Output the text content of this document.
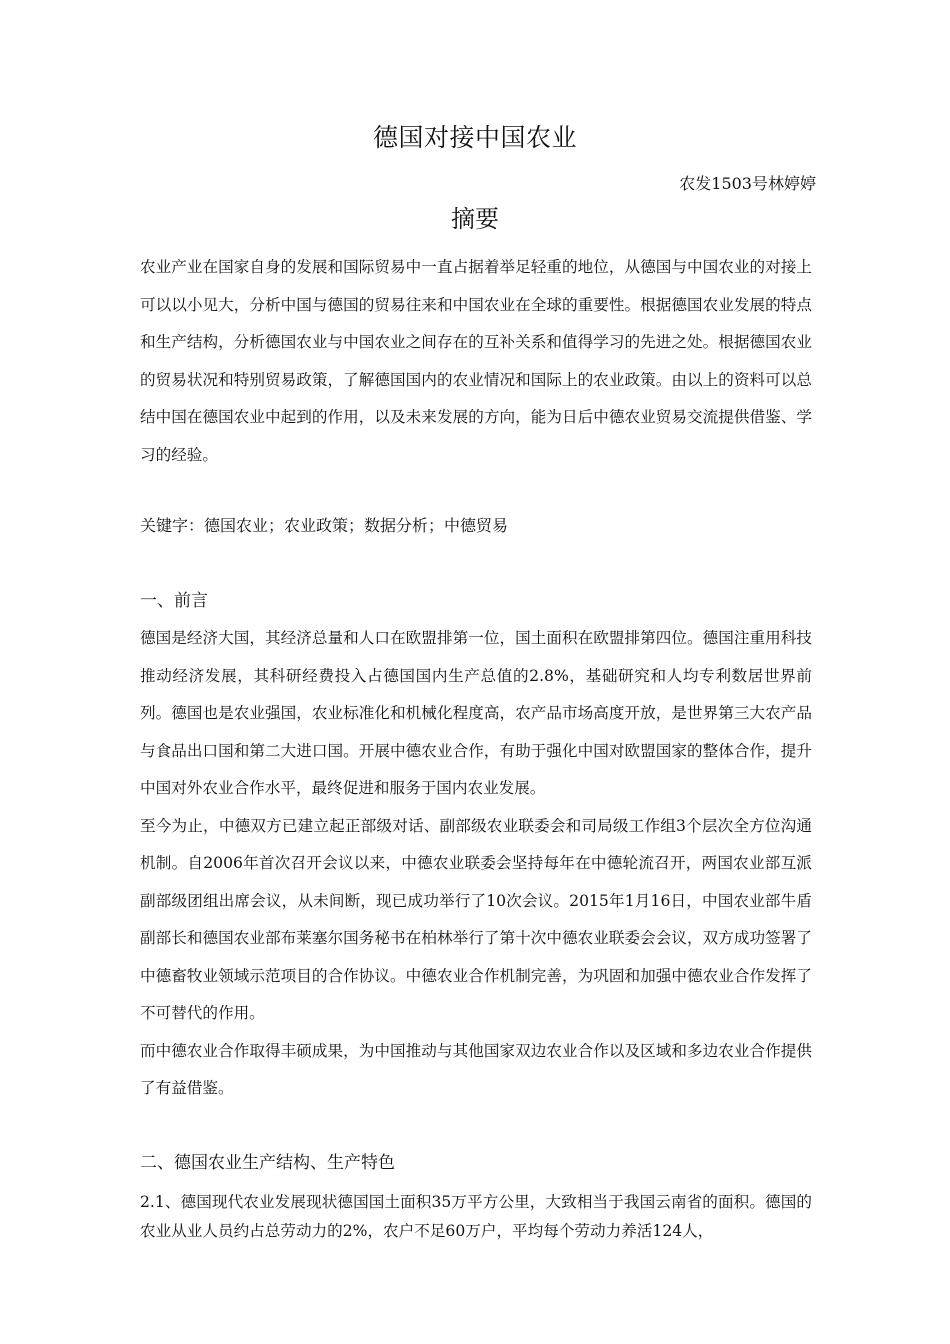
德国对接中国农业
农发1503号林婷婷
摘要

农业产业在国家自身的发展和国际贸易中一直占据着举足轻重的地位，从德国与中国农业的对接上可以以小见大，分析中国与德国的贸易往来和中国农业在全球的重要性。根据德国农业发展的特点和生产结构，分析德国农业与中国农业之间存在的互补关系和值得学习的先进之处。根据德国农业的贸易状况和特别贸易政策，了解德国国内的农业情况和国际上的农业政策。由以上的资料可以总结中国在德国农业中起到的作用，以及未来发展的方向，能为日后中德农业贸易交流提供借鉴、学习的经验。

关键字：德国农业；农业政策；数据分析；中德贸易
一、前言

德国是经济大国，其经济总量和人口在欧盟排第一位，国土面积在欧盟排第四位。德国注重用科技推动经济发展，其科研经费投入占德国国内生产总值的2.8%，基础研究和人均专利数居世界前列。德国也是农业强国，农业标准化和机械化程度高，农产品市场高度开放，是世界第三大农产品与食品出口国和第二大进口国。开展中德农业合作，有助于强化中国对欧盟国家的整体合作，提升中国对外农业合作水平，最终促进和服务于国内农业发展。

至今为止，中德双方已建立起正部级对话、副部级农业联委会和司局级工作组3个层次全方位沟通机制。自2006年首次召开会议以来，中德农业联委会坚持每年在中德轮流召开，两国农业部互派副部级团组出席会议，从未间断，现已成功举行了10次会议。2015年1月16日，中国农业部牛盾副部长和德国农业部布莱塞尔国务秘书在柏林举行了第十次中德农业联委会会议，双方成功签署了中德畜牧业领域示范项目的合作协议。中德农业合作机制完善，为巩固和加强中德农业合作发挥了不可替代的作用。

而中德农业合作取得丰硕成果，为中国推动与其他国家双边农业合作以及区域和多边农业合作提供了有益借鉴。

二、德国农业生产结构、生产特色

2.1、德国现代农业发展现状德国国土面积35万平方公里，大致相当于我国云南省的面积。德国的农业从业人员约占总劳动力的2%，农户不足60万户，平均每个劳动力养活124人，
